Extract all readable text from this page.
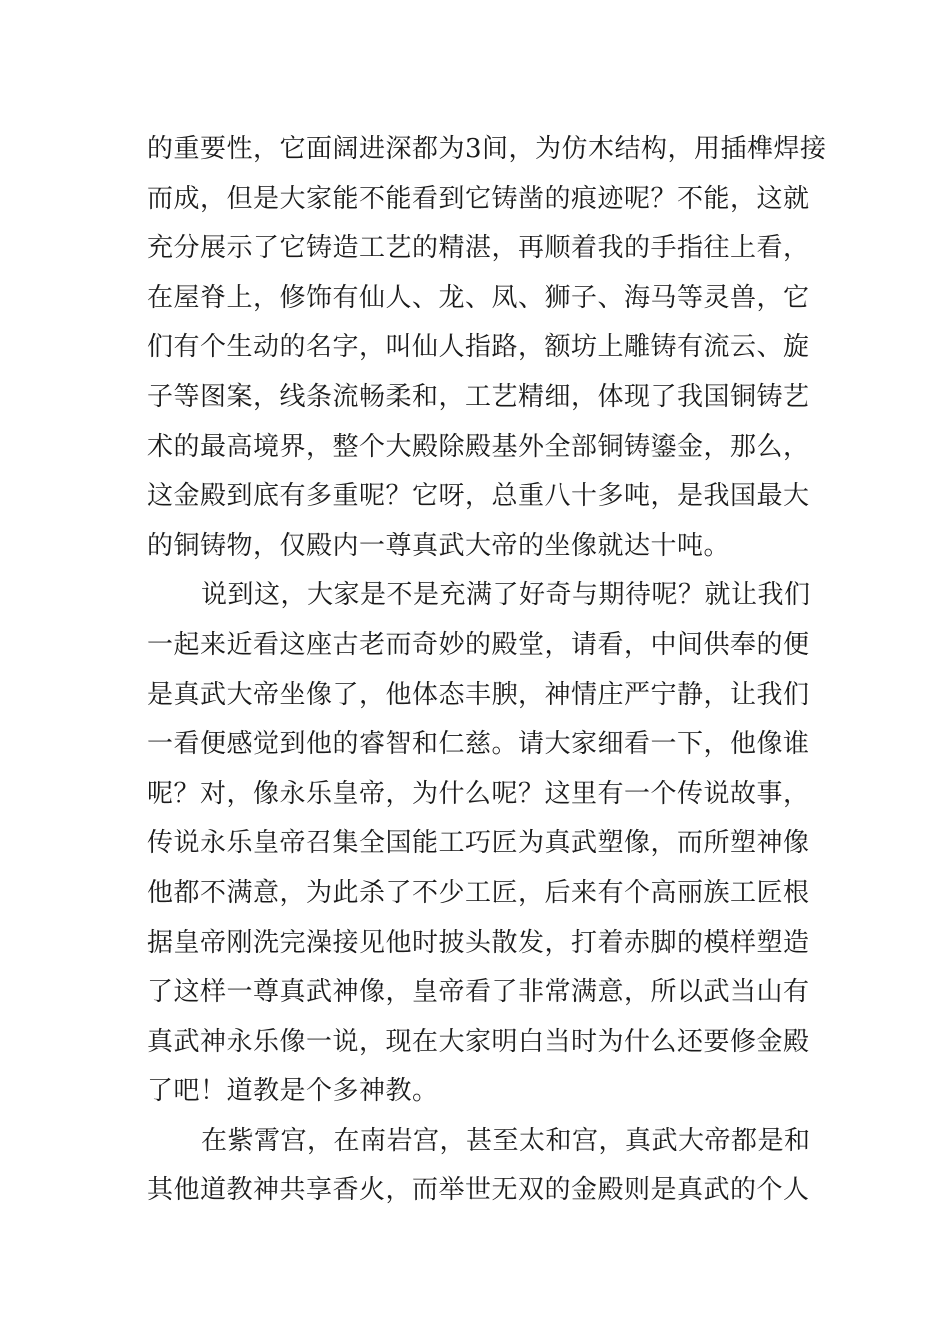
的重要性，它面阔进深都为3间，为仿木结构，用插榫焊接
而成，但是大家能不能看到它铸凿的痕迹呢？不能，这就
充分展示了它铸造工艺的精湛，再顺着我的手指往上看，
在屋脊上，修饰有仙人、龙、凤、狮子、海马等灵兽，它
们有个生动的名字，叫仙人指路，额坊上雕铸有流云、旋
子等图案，线条流畅柔和，工艺精细，体现了我国铜铸艺
术的最高境界，整个大殿除殿基外全部铜铸鎏金，那么，
这金殿到底有多重呢？它呀，总重八十多吨，是我国最大
的铜铸物，仅殿内一尊真武大帝的坐像就达十吨。
说到这，大家是不是充满了好奇与期待呢？就让我们
一起来近看这座古老而奇妙的殿堂，请看，中间供奉的便
是真武大帝坐像了，他体态丰腴，神情庄严宁静，让我们
一看便感觉到他的睿智和仁慈。请大家细看一下，他像谁
呢？对，像永乐皇帝，为什么呢？这里有一个传说故事，
传说永乐皇帝召集全国能工巧匠为真武塑像，而所塑神像
他都不满意，为此杀了不少工匠，后来有个高丽族工匠根
据皇帝刚洗完澡接见他时披头散发，打着赤脚的模样塑造
了这样一尊真武神像，皇帝看了非常满意，所以武当山有
真武神永乐像一说，现在大家明白当时为什么还要修金殿
了吧！道教是个多神教。
在紫霄宫，在南岩宫，甚至太和宫，真武大帝都是和
其他道教神共享香火，而举世无双的金殿则是真武的个人
